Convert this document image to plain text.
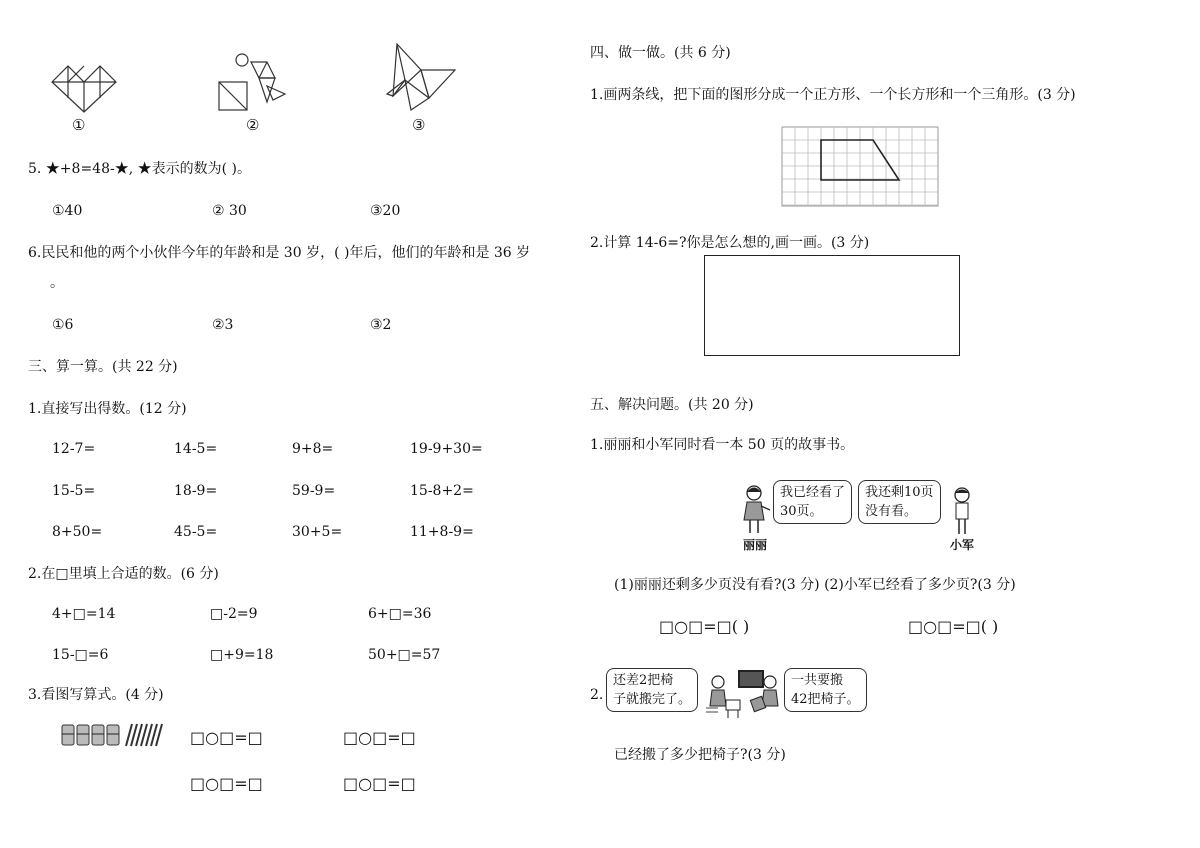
①	②	③
5. ★+8=48-★, ★表示的数为( )。
①40	② 30	③20
6.民民和他的两个小伙伴今年的年龄和是 30 岁，( )年后，他们的年龄和是 36 岁
。
①6	②3	③2
三、算一算。(共 22 分)
1.直接写出得数。(12 分)
12-7=	14-5=	9+8=	19-9+30=
15-5=	18-9=	59-9=	15-8+2=
8+50=	45-5=	30+5=	11+8-9=
2.在□里填上合适的数。(6 分)
4+□=14	□-2=9	6+□=36
15-□=6	□+9=18	50+□=57
3.看图写算式。(4 分)
□○□=□	□○□=□
□○□=□	□○□=□
四、做一做。(共 6 分)
1.画两条线，把下面的图形分成一个正方形、一个长方形和一个三角形。(3 分)
2.计算 14-6=?你是怎么想的,画一画。(3 分)
五、解决问题。(共 20 分)
1.丽丽和小军同时看一本 50 页的故事书。
丽丽
我已经看了
30页。
我还剩10页
没有看。
小军
(1)丽丽还剩多少页没有看?(3 分) (2)小军已经看了多少页?(3 分)
□○□=□( )	□○□=□( )
2.
还差2把椅
子就搬完了。
一共要搬
42把椅子。
已经搬了多少把椅子?(3 分)
